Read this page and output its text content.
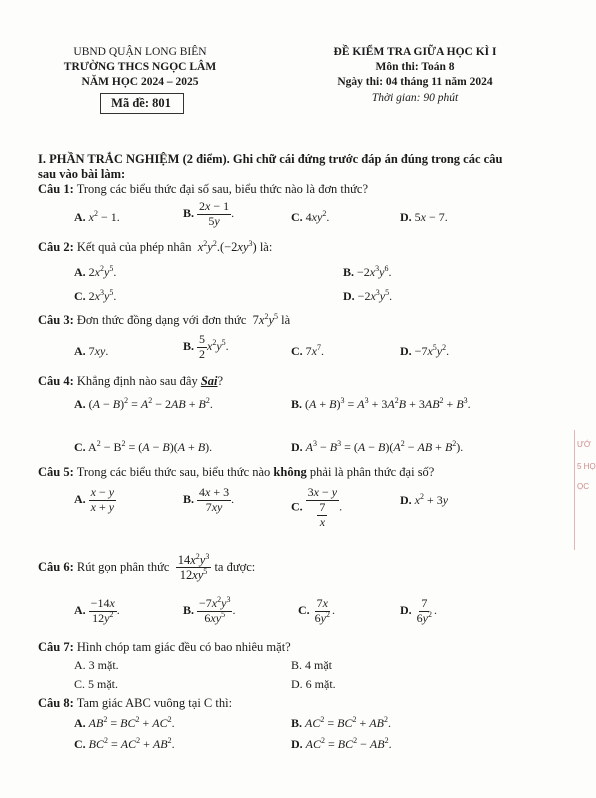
UBND QUẬN LONG BIÊN
TRƯỜNG THCS NGỌC LÂM
NĂM HỌC 2024 – 2025
Mã đề: 801
ĐỀ KIỂM TRA GIỮA HỌC KÌ I
Môn thi: Toán 8
Ngày thi: 04 tháng 11 năm 2024
Thời gian: 90 phút
I. PHẦN TRẮC NGHIỆM (2 điểm). Ghi chữ cái đứng trước đáp án đúng trong các câu
sau vào bài làm:
Câu 1: Trong các biểu thức đại số sau, biểu thức nào là đơn thức?
A. $x^2 - 1$.	B. $\frac{2x - 1}{5y}$ .	C. $4xy^2$.	D. 5x − 7.
Câu 2: Kết quả của phép nhân $x^2y^2.(-2xy^3)$ là:
A. $2x^2y^5$.	B. $-2x^3y^6$.
C. $2x^3y^5$.	D. $-2x^3y^5$.
Câu 3: Đơn thức đồng dạng với đơn thức  $7x^2y^5$ là
A. 7xy.	B. $\frac{5}{2} x^2y^5$.	C. $7x^7$.	D. $-7x^5y^2$.
Câu 4: Khẳng định nào sau đây Sai?
A. $(A - B)^2 = A^2 - 2AB + B^2$.	B. $(A + B)^3 = A^3 + 3A^2B + 3AB^2 + B^3$.
C. $A^2 - B^2 = (A - B)(A + B)$.	D. $A^3 - B^3 = (A - B)(A^2$ − AB + $B^2$).
Câu 5: Trong các biểu thức sau, biểu thức nào không phải là phân thức đại số?
A. $\frac{x - y}{x + y}$	B. $\frac{4x + 3}{7xy}$ .
C. $\frac{3x - y}{\frac{7}{x}}$ .	D. $x^2 + 3y$
Câu 6: Rút gọn phân thức $\frac{14x^2y^3}{12xy^5}$ ta được:
A. $\frac{-14x}{12y^2}$ .	B. $\frac{-7x^2y^3}{6xy^5}$ .	C. $\frac{7x}{6y^2}$ .	D. $\frac{7}{6y^2}$ .
Câu 7: Hình chóp tam giác đều có bao nhiêu mặt?
A. 3 mặt.	B. 4 mặt
C. 5 mặt.	D. 6 mặt.
Câu 8: Tam giác ABC vuông tại C thì:
A. $AB^2 = BC^2 + AC^2$.	B. $AC^2 = BC^2 + AB^2$.
C. $BC^2 = AC^2 + AB^2$.	D. $AC^2 = BC^2 - AB^2$.
ƯỚ
5 HỌ
ỌC
